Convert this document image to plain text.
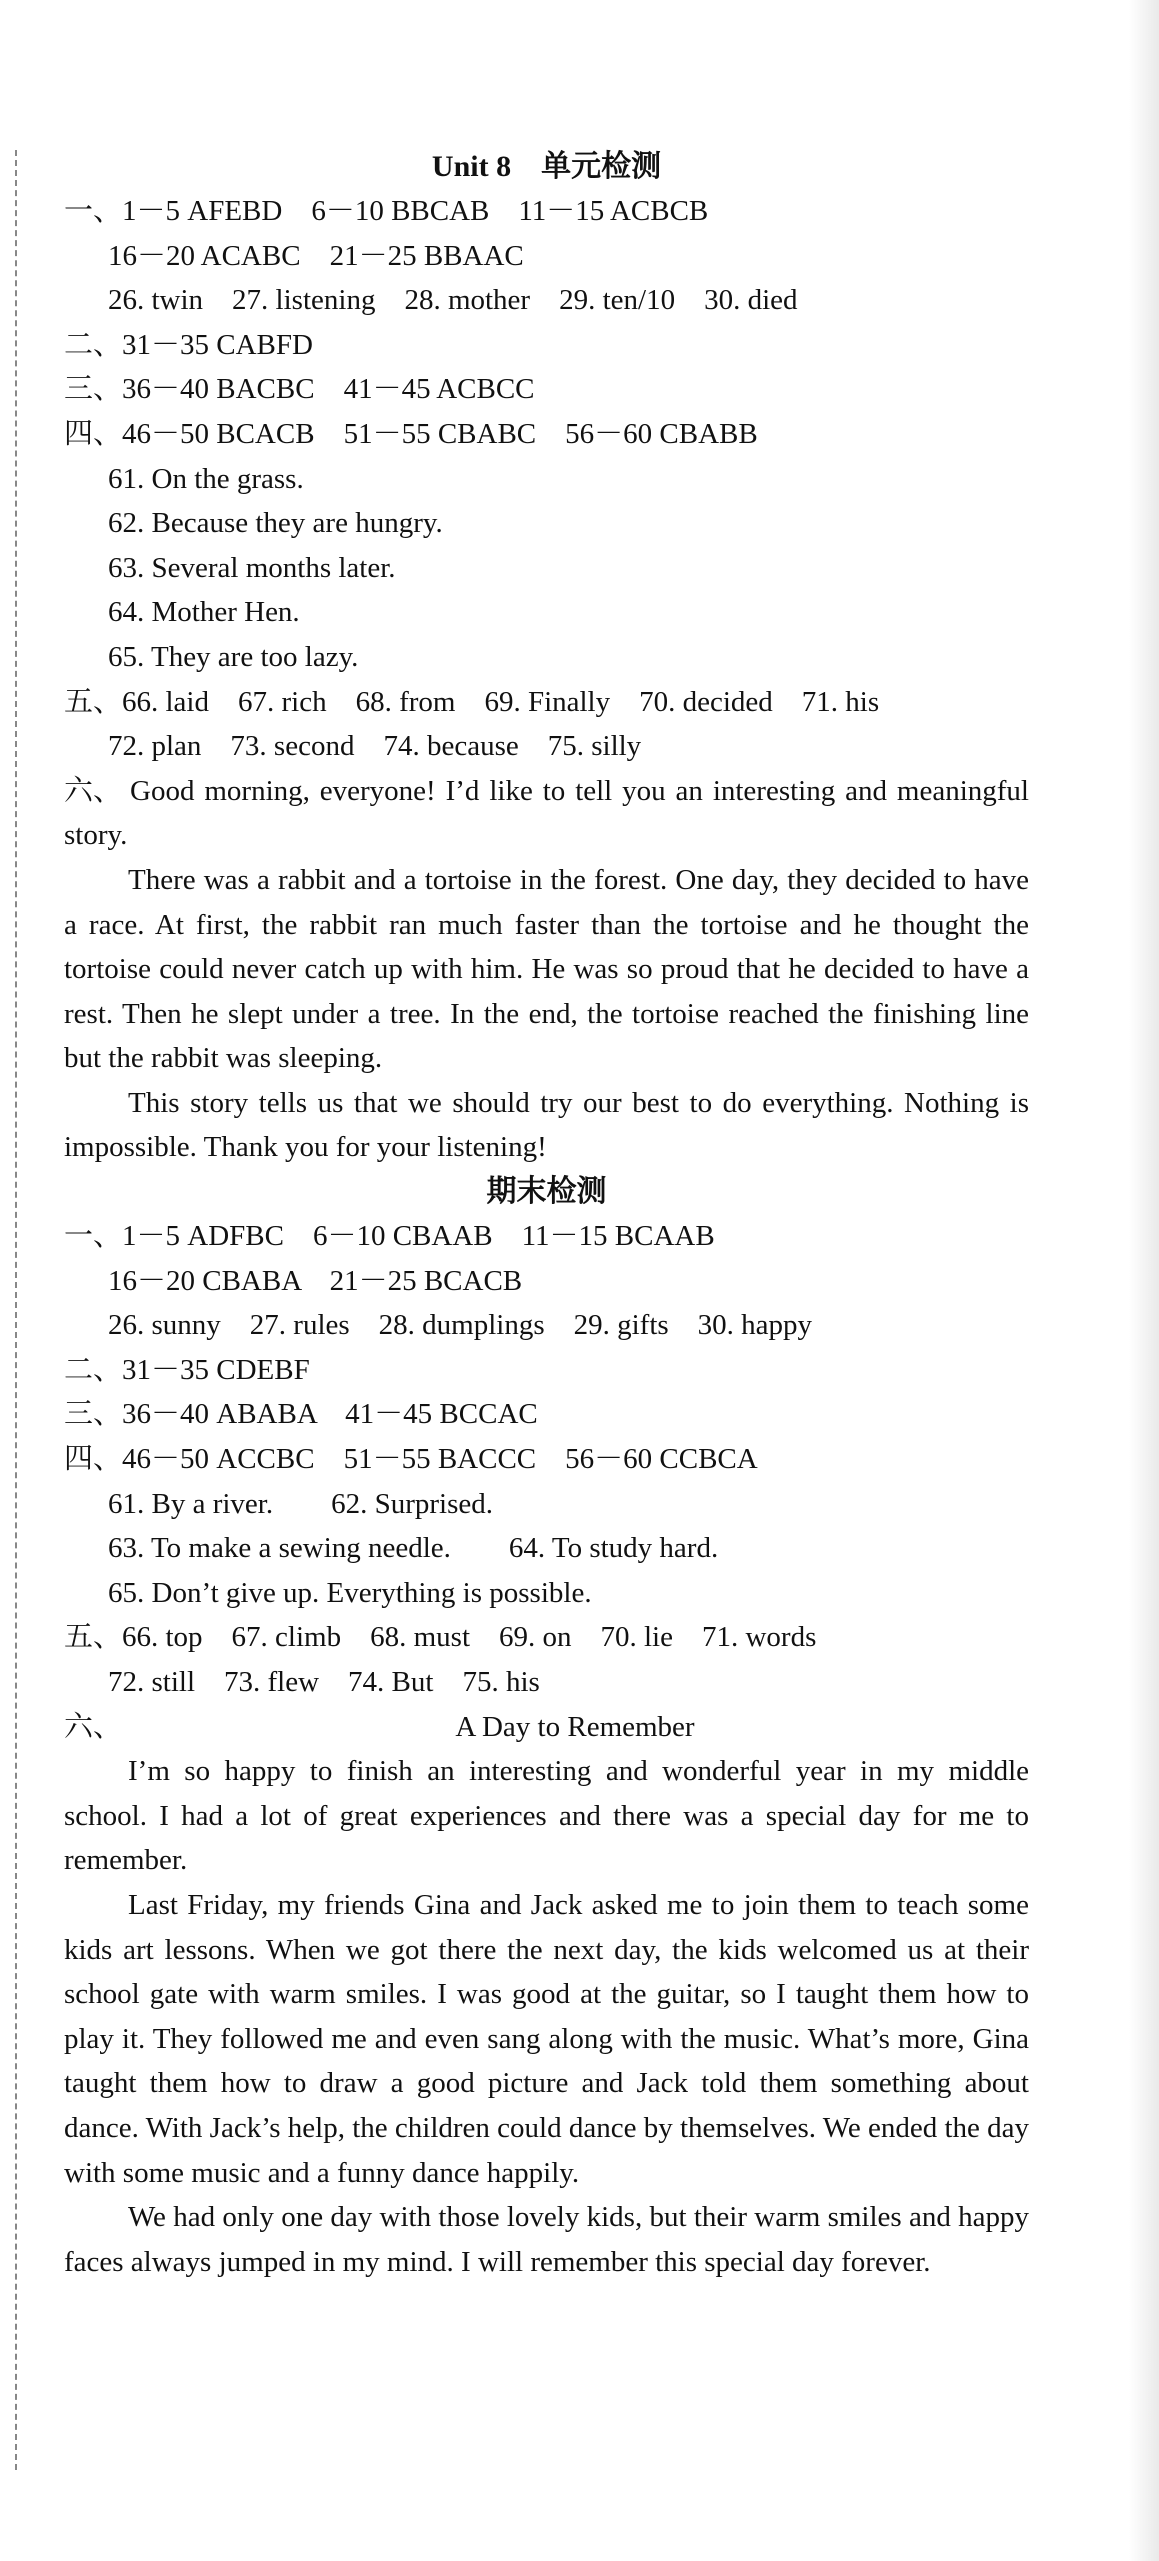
Unit 8　单元检测
一、1－5 AFEBD　6－10 BBCAB　11－15 ACBCB
16－20 ACABC　21－25 BBAAC
26. twin　27. listening　28. mother　29. ten/10　30. died
二、31－35 CABFD
三、36－40 BACBC　41－45 ACBCC
四、46－50 BCACB　51－55 CBABC　56－60 CBABB
61. On the grass.
62. Because they are hungry.
63. Several months later.
64. Mother Hen.
65. They are too lazy.
五、66. laid　67. rich　68. from　69. Finally　70. decided　71. his
72. plan　73. second　74. because　75. silly
六、 Good morning, everyone! I’d like to tell you an interesting and meaningful story.
There was a rabbit and a tortoise in the forest. One day, they decided to have a race. At first, the rabbit ran much faster than the tortoise and he thought the tortoise could never catch up with him. He was so proud that he decided to have a rest. Then he slept under a tree. In the end, the tortoise reached the finishing line but the rabbit was sleeping.
This story tells us that we should try our best to do everything. Nothing is impossible. Thank you for your listening!
期末检测
一、1－5 ADFBC　6－10 CBAAB　11－15 BCAAB
16－20 CBABA　21－25 BCACB
26. sunny　27. rules　28. dumplings　29. gifts　30. happy
二、31－35 CDEBF
三、36－40 ABABA　41－45 BCCAC
四、46－50 ACCBC　51－55 BACCC　56－60 CCBCA
61. By a river.　　62. Surprised.
63. To make a sewing needle.　　64. To study hard.
65. Don’t give up. Everything is possible.
五、66. top　67. climb　68. must　69. on　70. lie　71. words
72. still　73. flew　74. But　75. his
六、	A Day to Remember
I’m so happy to finish an interesting and wonderful year in my middle school. I had a lot of great experiences and there was a special day for me to remember.
Last Friday, my friends Gina and Jack asked me to join them to teach some kids art lessons. When we got there the next day, the kids welcomed us at their school gate with warm smiles. I was good at the guitar, so I taught them how to play it. They followed me and even sang along with the music. What’s more, Gina taught them how to draw a good picture and Jack told them something about dance. With Jack’s help, the children could dance by themselves. We ended the day with some music and a funny dance happily.
We had only one day with those lovely kids, but their warm smiles and happy faces always jumped in my mind. I will remember this special day forever.
